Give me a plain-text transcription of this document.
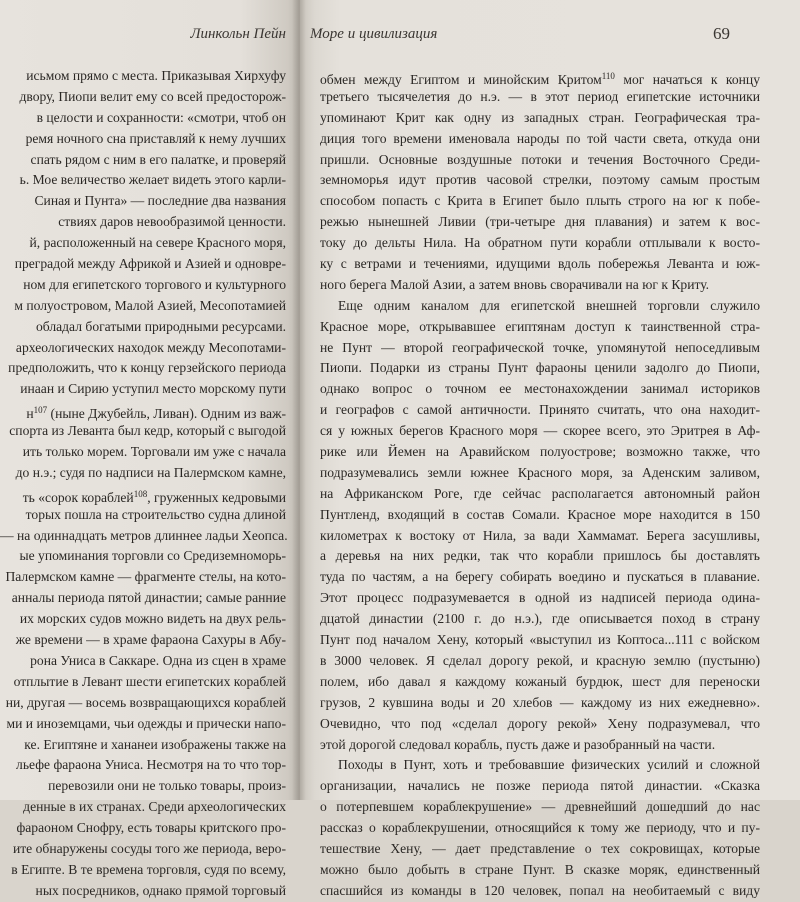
Линкольн Пейн
исьмом прямо с места. Приказывая Хирхуфу
двору, Пиопи велит ему со всей предосторож-
в целости и сохранности: «смотри, чтоб он
ремя ночного сна приставляй к нему лучших
спать рядом с ним в его палатке, и проверяй
ь. Мое величество желает видеть этого карли-
Синая и Пунта» — последние два названия
ствиях даров невообразимой ценности.
й, расположенный на севере Красного моря,
преградой между Африкой и Азией и одновре-
ном для египетского торгового и культурного
м полуостровом, Малой Азией, Месопотамией
обладал богатыми природными ресурсами.
археологических находок между Месопотами-
предположить, что к концу герзейского периода
инаан и Сирию уступил место морскому пути
н$^{107}$ (ныне Джубейль, Ливан). Одним из важ-
спорта из Леванта был кедр, который с выгодой
ить только морем. Торговали им уже с начала
до н.э.; судя по надписи на Палермском камне,
ть «сорок кораблей$^{108}$, груженных кедровыми
торых пошла на строительство судна длиной
— на одиннадцать метров длиннее ладьи Хеопса.
ые упоминания торговли со Средиземноморь-
Палермском камне — фрагменте стелы, на кото-
анналы периода пятой династии; самые ранние
их морских судов можно видеть на двух рель-
же времени — в храме фараона Сахуры в Абу-
рона Униса в Саккаре. Одна из сцен в храме
отплытие в Левант шести египетских кораблей
ни, другая — восемь возвращающихся кораблей
ми и иноземцами, чьи одежды и прически напо-
ке. Египтяне и хананеи изображены также на
льефе фараона Униса. Несмотря на то что тор-
перевозили они не только товары, произ-
денные в их странах. Среди археологических
фараоном Снофру, есть товары критского про-
ите обнаружены сосуды того же периода, веро-
в Египте. В те времена торговля, судя по всему,
ных посредников, однако прямой торговый
Море и цивилизация	69
обмен между Египтом и минойским Критом$^{110}$ мог начаться к концу
третьего тысячелетия до н.э. — в этот период египетские источники
упоминают Крит как одну из западных стран. Географическая тра-
диция того времени именовала народы по той части света, откуда они
пришли. Основные воздушные потоки и течения Восточного Среди-
земноморья идут против часовой стрелки, поэтому самым простым
способом попасть с Крита в Египет было плыть строго на юг к побе-
режью нынешней Ливии (три-четыре дня плавания) и затем к вос-
току до дельты Нила. На обратном пути корабли отплывали к восто-
ку с ветрами и течениями, идущими вдоль побережья Леванта и юж-
ного берега Малой Азии, а затем вновь сворачивали на юг к Криту.
Еще одним каналом для египетской внешней торговли служило
Красное море, открывавшее египтянам доступ к таинственной стра-
не Пунт — второй географической точке, упомянутой непоседливым
Пиопи. Подарки из страны Пунт фараоны ценили задолго до Пиопи,
однако вопрос о точном ее местонахождении занимал историков
и географов с самой античности. Принято считать, что она находит-
ся у южных берегов Красного моря — скорее всего, это Эритрея в Аф-
рике или Йемен на Аравийском полуострове; возможно также, что
подразумевались земли южнее Красного моря, за Аденским заливом,
на Африканском Роге, где сейчас располагается автономный район
Пунтленд, входящий в состав Сомали. Красное море находится в 150
километрах к востоку от Нила, за вади Хаммамат. Берега засушливы,
а деревья на них редки, так что корабли пришлось бы доставлять
туда по частям, а на берегу собирать воедино и пускаться в плавание.
Этот процесс подразумевается в одной из надписей периода одина-
дцатой династии (2100 г. до н.э.), где описывается поход в страну
Пунт под началом Хену, который «выступил из Коптоса...111 с войском
в 3000 человек. Я сделал дорогу рекой, и красную землю (пустыню)
полем, ибо давал я каждому кожаный бурдюк, шест для переноски
грузов, 2 кувшина воды и 20 хлебов — каждому из них ежедневно».
Очевидно, что под «сделал дорогу рекой» Хену подразумевал, что
этой дорогой следовал корабль, пусть даже и разобранный на части.
Походы в Пунт, хоть и требовавшие физических усилий и сложной
организации, начались не позже периода пятой династии. «Сказка
о потерпевшем кораблекрушение» — древнейший дошедший до нас
рассказ о кораблекрушении, относящийся к тому же периоду, что и пу-
тешествие Хену, — дает представление о тех сокровищах, которые
можно было добыть в стране Пунт. В сказке моряк, единственный
спасшийся из команды в 120 человек, попал на необитаемый с виду
